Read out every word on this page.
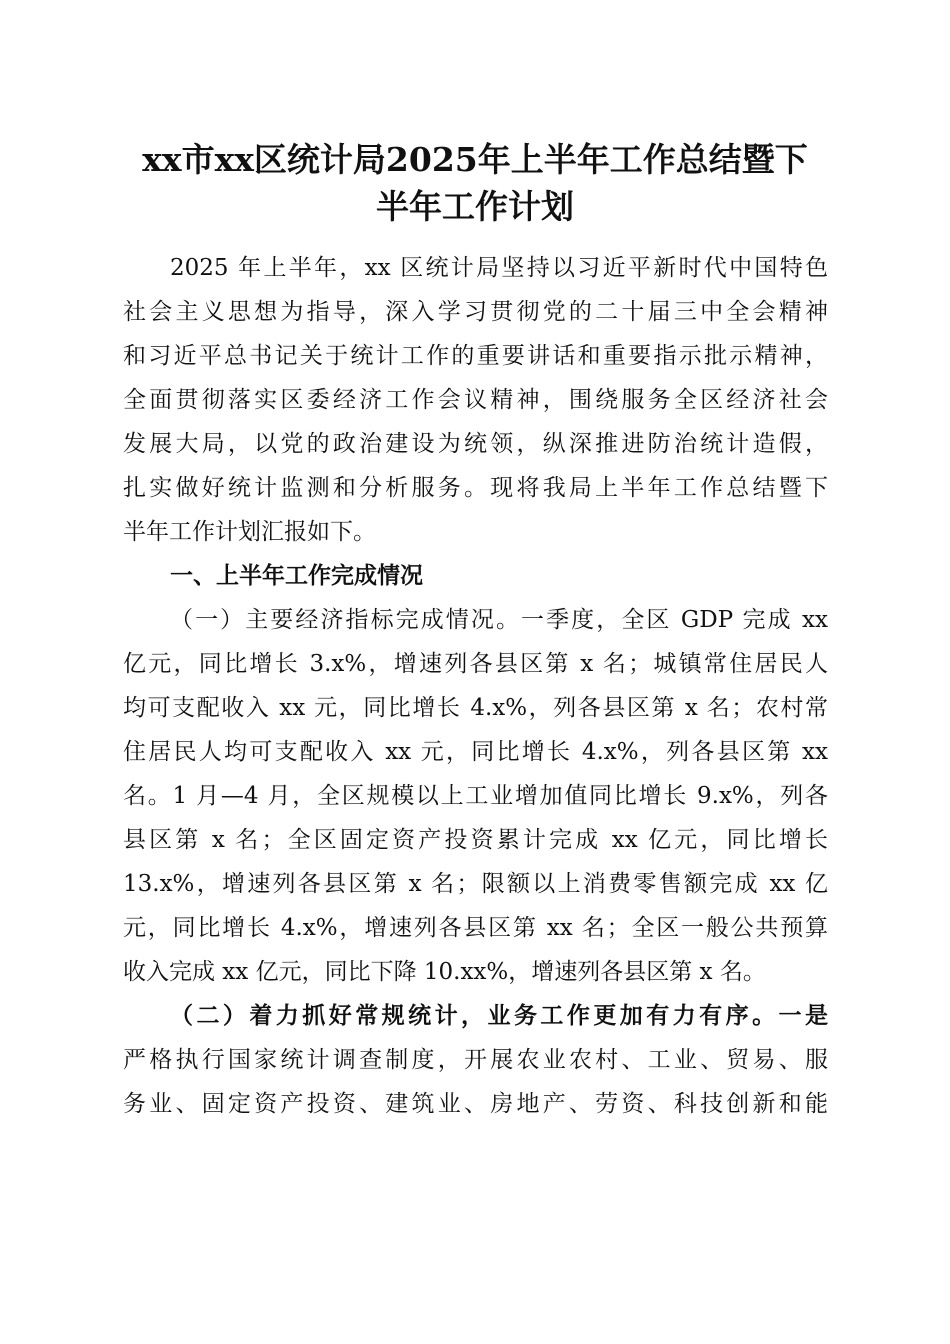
xx市xx区统计局2025年上半年工作总结暨下
半年工作计划
2025 年上半年，xx 区统计局坚持以习近平新时代中国特色
社会主义思想为指导，深入学习贯彻党的二十届三中全会精神
和习近平总书记关于统计工作的重要讲话和重要指示批示精神，
全面贯彻落实区委经济工作会议精神，围绕服务全区经济社会
发展大局，以党的政治建设为统领，纵深推进防治统计造假，
扎实做好统计监测和分析服务。现将我局上半年工作总结暨下
半年工作计划汇报如下。
一、上半年工作完成情况
（一）主要经济指标完成情况。一季度，全区 GDP 完成 xx
亿元，同比增长 3.x%，增速列各县区第 x 名；城镇常住居民人
均可支配收入 xx 元，同比增长 4.x%，列各县区第 x 名；农村常
住居民人均可支配收入 xx 元，同比增长 4.x%，列各县区第 xx
名。1 月—4 月，全区规模以上工业增加值同比增长 9.x%，列各
县区第 x 名；全区固定资产投资累计完成 xx 亿元，同比增长
13.x%，增速列各县区第 x 名；限额以上消费零售额完成 xx 亿
元，同比增长 4.x%，增速列各县区第 xx 名；全区一般公共预算
收入完成 xx 亿元，同比下降 10.xx%，增速列各县区第 x 名。
（二）着力抓好常规统计，业务工作更加有力有序。一是
严格执行国家统计调查制度，开展农业农村、工业、贸易、服
务业、固定资产投资、建筑业、房地产、劳资、科技创新和能
